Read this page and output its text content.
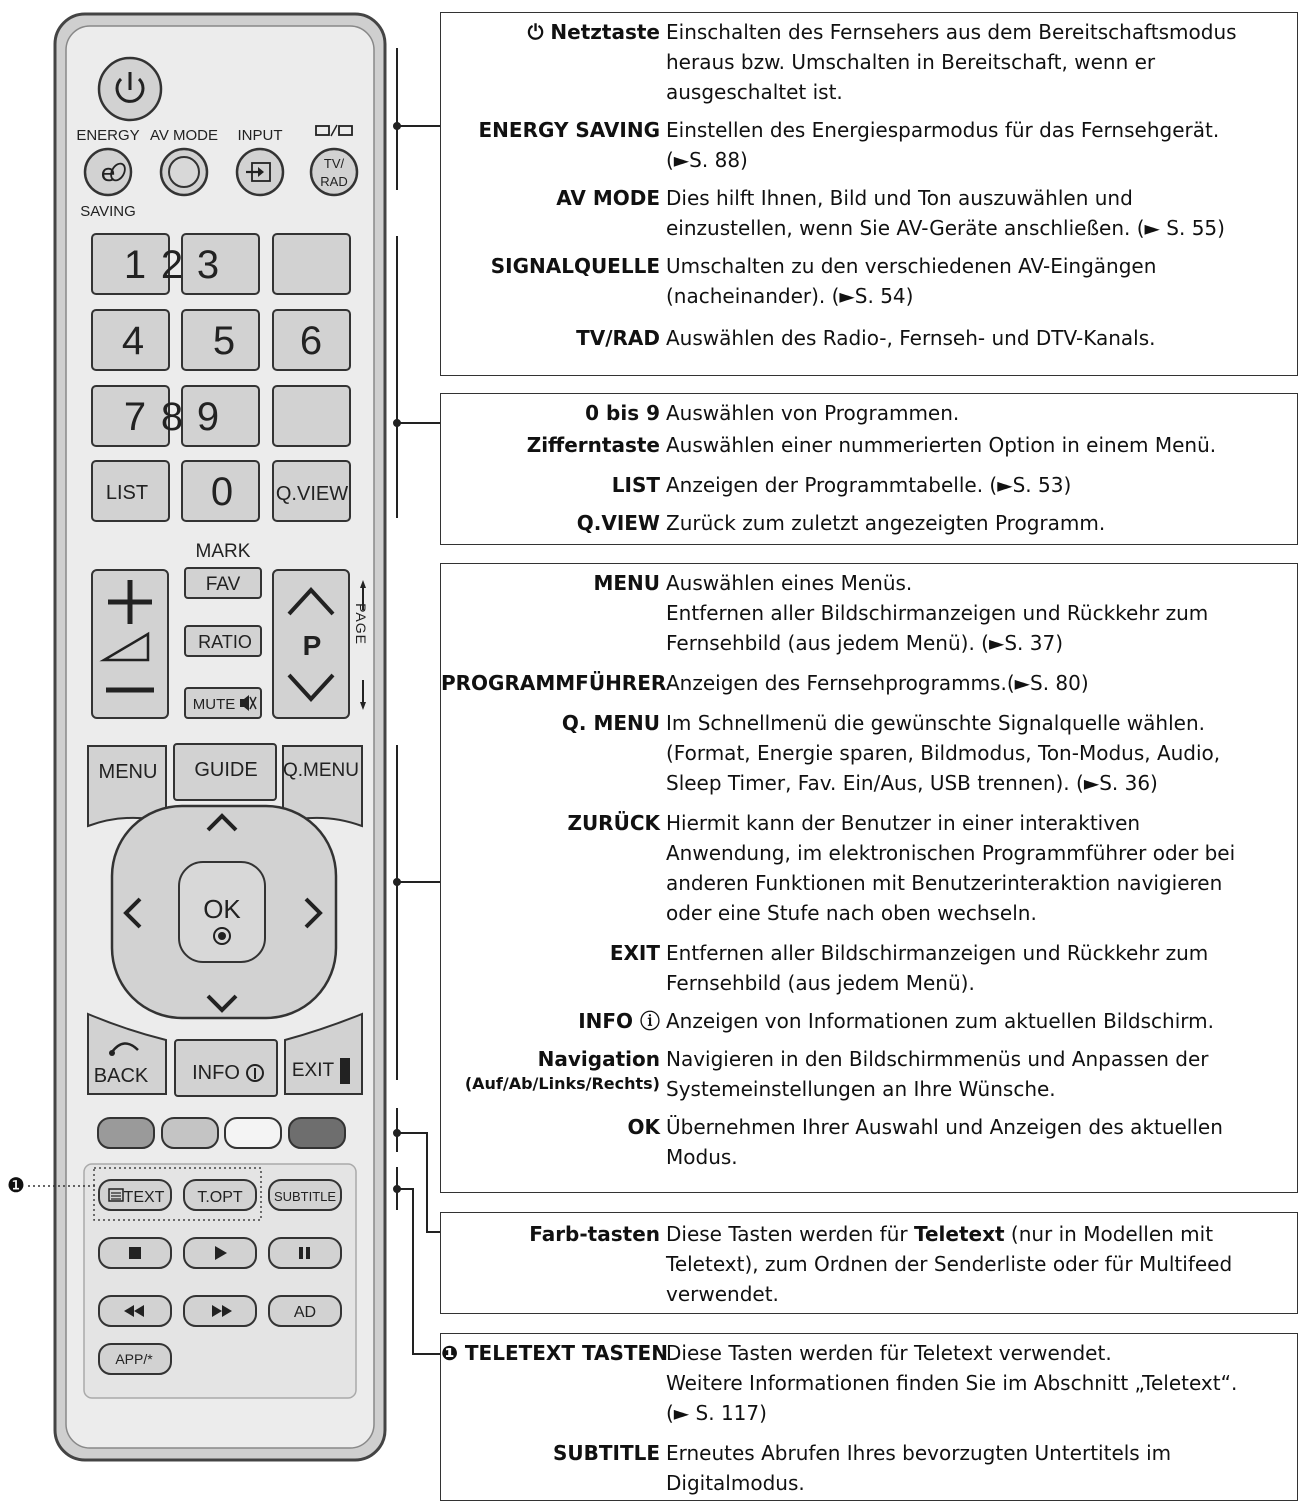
ENERGY
SAVING
AV MODE INPUT
e	TV/
RAD
1 3
2
4 5 6
7 9
8
LIST 0 Q.VIEW
MARK
FAV
RATIO
MUTE
P
PAGE
MENU GUIDE Q.MENU
OK
BACK INFO	EXIT
TEXT T.OPT SUBTITLE
AD
APP/*
❶
⏻ Netztaste Einschalten des Fernsehers aus dem Bereitschaftsmodus
heraus bzw. Umschalten in Bereitschaft, wenn er
ausgeschaltet ist.
ENERGY SAVING Einstellen des Energiesparmodus für das Fernsehgerät.
(►S. 88)
AV MODE Dies hilft Ihnen, Bild und Ton auszuwählen und
einzustellen, wenn Sie AV-Geräte anschließen. (► S. 55)
SIGNALQUELLE Umschalten zu den verschiedenen AV-Eingängen
(nacheinander). (►S. 54)
TV/RAD Auswählen des Radio-, Fernseh- und DTV-Kanals.
0 bis 9 Auswählen von Programmen.
Zifferntaste Auswählen einer nummerierten Option in einem Menü.
LIST Anzeigen der Programmtabelle. (►S. 53)
Q.VIEW Zurück zum zuletzt angezeigten Programm.
MENU Auswählen eines Menüs.
Entfernen aller Bildschirmanzeigen und Rückkehr zum
Fernsehbild (aus jedem Menü). (►S. 37)
PROGRAMMFÜHRER Anzeigen des Fernsehprogramms.(►S. 80)
Q. MENU Im Schnellmenü die gewünschte Signalquelle wählen.
(Format, Energie sparen, Bildmodus, Ton-Modus, Audio,
Sleep Timer, Fav. Ein/Aus, USB trennen). (►S. 36)
ZURÜCK Hiermit kann der Benutzer in einer interaktiven
Anwendung, im elektronischen Programmführer oder bei
anderen Funktionen mit Benutzerinteraktion navigieren
oder eine Stufe nach oben wechseln.
EXIT Entfernen aller Bildschirmanzeigen und Rückkehr zum
Fernsehbild (aus jedem Menü).
INFO ⓘ Anzeigen von Informationen zum aktuellen Bildschirm.
Navigation
(Auf/Ab/Links/Rechts)
Navigieren in den Bildschirmmenüs und Anpassen der
Systemeinstellungen an Ihre Wünsche.
OK Übernehmen Ihrer Auswahl und Anzeigen des aktuellen
Modus.
Farb-tasten Diese Tasten werden für Teletext (nur in Modellen mit
Teletext), zum Ordnen der Senderliste oder für Multifeed
verwendet.
❶ TELETEXT TASTEN
Diese Tasten werden für Teletext verwendet.
Weitere Informationen finden Sie im Abschnitt „Teletext“.
(► S. 117)
SUBTITLE Erneutes Abrufen Ihres bevorzugten Untertitels im
Digitalmodus.
